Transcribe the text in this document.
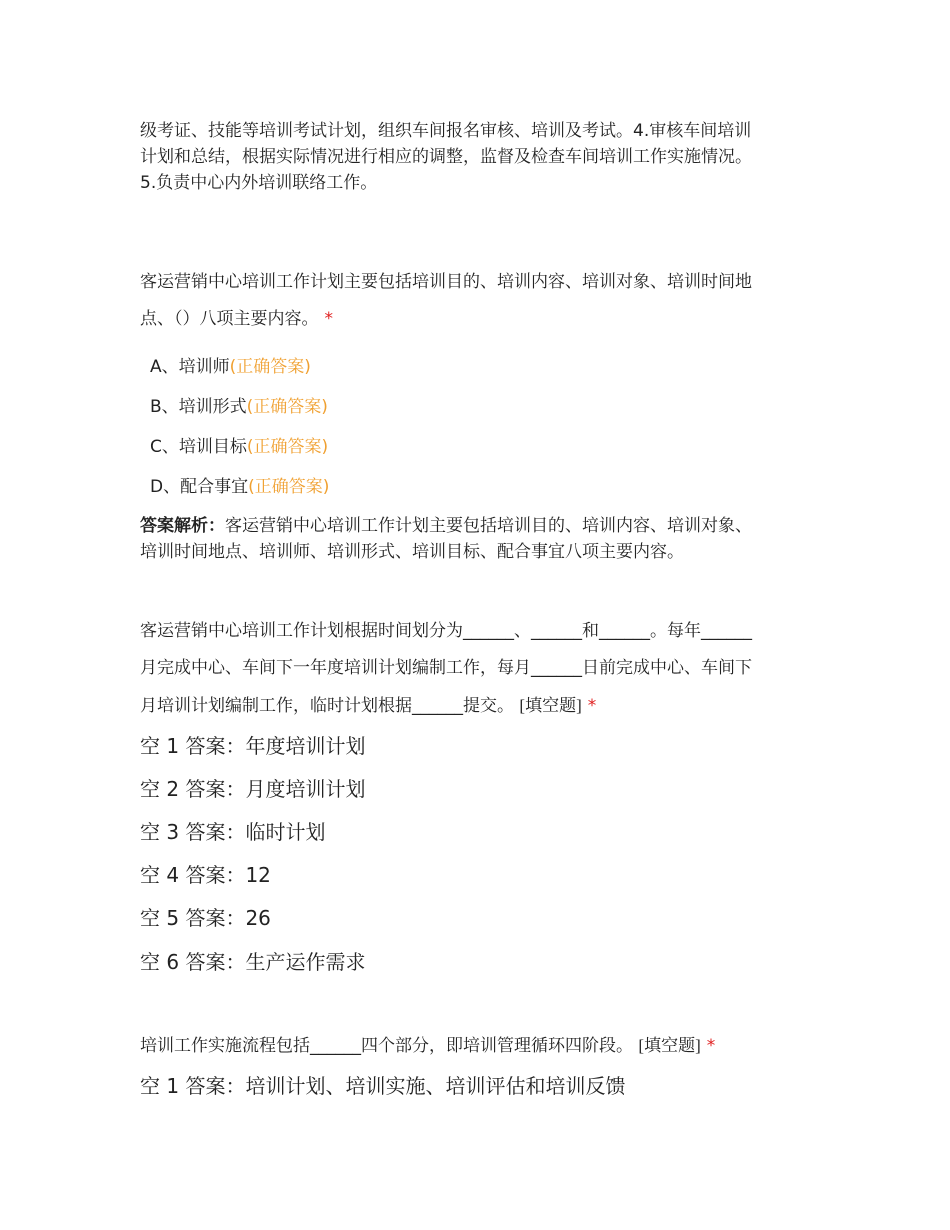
级考证、技能等培训考试计划，组织车间报名审核、培训及考试。4.审核车间培训

计划和总结，根据实际情况进行相应的调整，监督及检查车间培训工作实施情况。

5.负责中心内外培训联络工作。

客运营销中心培训工作计划主要包括培训目的、培训内容、培训对象、培训时间地

点、（）八项主要内容。 *

A、培训师(正确答案)
B、培训形式(正确答案)
C、培训目标(正确答案)
D、配合事宜(正确答案)

答案解析：客运营销中心培训工作计划主要包括培训目的、培训内容、培训对象、

培训时间地点、培训师、培训形式、培训目标、配合事宜八项主要内容。

客运营销中心培训工作计划根据时间划分为______、______和______。每年______

月完成中心、车间下一年度培训计划编制工作，每月______日前完成中心、车间下

月培训计划编制工作，临时计划根据______提交。 [填空题] *

空 1 答案：年度培训计划
空 2 答案：月度培训计划
空 3 答案：临时计划
空 4 答案：12
空 5 答案：26
空 6 答案：生产运作需求

培训工作实施流程包括______四个部分，即培训管理循环四阶段。 [填空题] *

空 1 答案：培训计划、培训实施、培训评估和培训反馈
